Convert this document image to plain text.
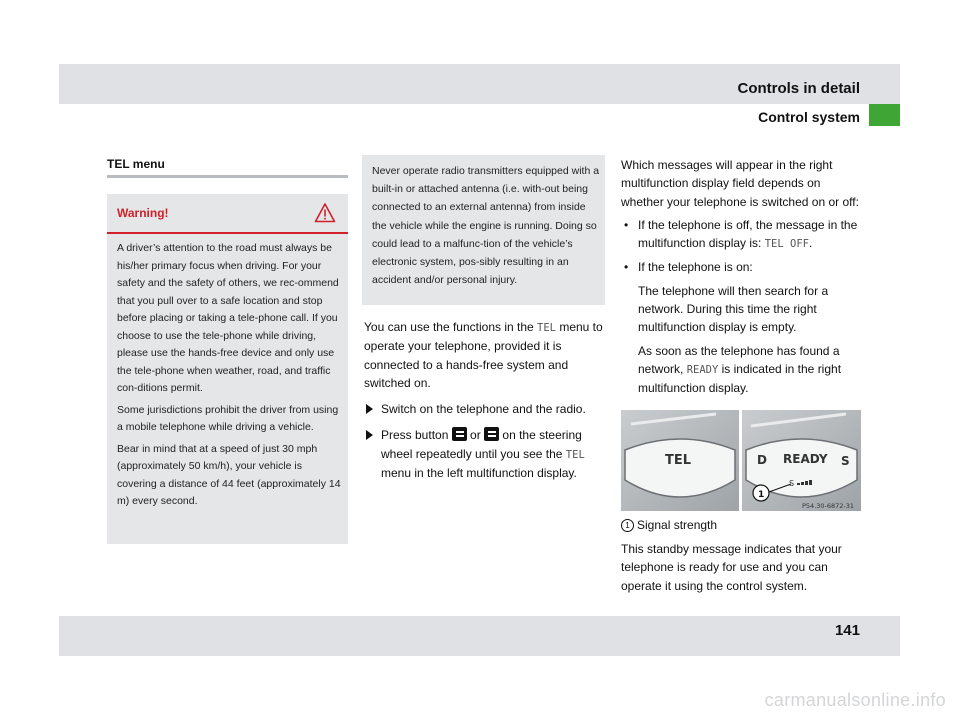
Controls in detail
Control system
TEL menu
Warning!

A driver’s attention to the road must always be his/her primary focus when driving. For your safety and the safety of others, we rec-ommend that you pull over to a safe location and stop before placing or taking a tele-phone call. If you choose to use the tele-phone while driving, please use the hands-free device and only use the tele-phone when weather, road, and traffic con-ditions permit.

Some jurisdictions prohibit the driver from using a mobile telephone while driving a vehicle.

Bear in mind that at a speed of just 30 mph (approximately 50 km/h), your vehicle is covering a distance of 44 feet (approximately 14 m) every second.

Never operate radio transmitters equipped with a built-in or attached antenna (i.e. with-out being connected to an external antenna) from inside the vehicle while the engine is running. Doing so could lead to a malfunc-tion of the vehicle’s electronic system, pos-sibly resulting in an accident and/or personal injury.

You can use the functions in the TEL menu to operate your telephone, provided it is connected to a hands-free system and switched on.

Switch on the telephone and the radio.
Press button  or  on the steering wheel repeatedly until you see the TEL menu in the left multifunction display.

Which messages will appear in the right multifunction display field depends on whether your telephone is switched on or off:

• If the telephone is off, the message in the multifunction display is: TEL OFF.
• If the telephone is on:

The telephone will then search for a network. During this time the right multifunction display is empty.

As soon as the telephone has found a network, READY is indicated in the right multifunction display.

TEL	D READY S
S
1
P54.30-6872-31
1 Signal strength
This standby message indicates that your telephone is ready for use and you can operate it using the control system.
141
carmanualsonline.info
